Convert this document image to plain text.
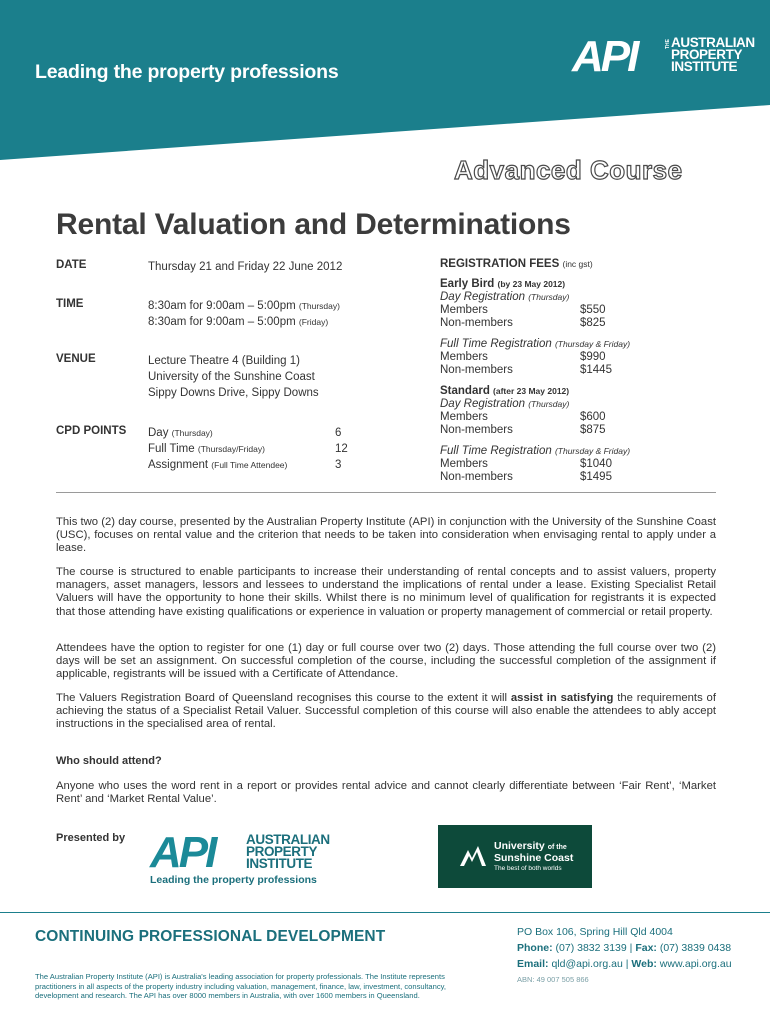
Leading the property professions	API	THE AUSTRALIAN
PROPERTY
INSTITUTE
Advanced Course
Rental Valuation and Determinations
DATE	Thursday 21 and Friday 22 June 2012
TIME	8:30am for 9:00am – 5:00pm (Thursday)
8:30am for 9:00am – 5:00pm (Friday)
VENUE	Lecture Theatre 4 (Building 1)
University of the Sunshine Coast
Sippy Downs Drive, Sippy Downs
CPD POINTS	Day (Thursday)	6
Full Time (Thursday/Friday)	12
Assignment (Full Time Attendee)	3
REGISTRATION FEES (inc gst)
Early Bird (by 23 May 2012)
Day Registration (Thursday)
Members	$550
Non-members	$825
Full Time Registration (Thursday & Friday)
Members	$990
Non-members	$1445
Standard (after 23 May 2012)
Day Registration (Thursday)
Members	$600
Non-members	$875
Full Time Registration (Thursday & Friday)
Members	$1040
Non-members	$1495

This two (2) day course, presented by the Australian Property Institute (API) in conjunction with the University of the Sunshine Coast (USC), focuses on rental value and the criterion that needs to be taken into consideration when envisaging rental to apply under a lease.

The course is structured to enable participants to increase their understanding of rental concepts and to assist valuers, property managers, asset managers, lessors and lessees to understand the implications of rental under a lease. Existing Specialist Retail Valuers will have the opportunity to hone their skills. Whilst there is no minimum level of qualification for registrants it is expected that those attending have existing qualifications or experience in valuation or property management of commercial or retail property.

Attendees have the option to register for one (1) day or full course over two (2) days. Those attending the full course over two (2) days will be set an assignment. On successful completion of the course, including the successful completion of the assignment if applicable, registrants will be issued with a Certificate of Attendance.

The Valuers Registration Board of Queensland recognises this course to the extent it will assist in satisfying the requirements of achieving the status of a Specialist Retail Valuer. Successful completion of this course will also enable the attendees to ably accept instructions in the specialised area of rental.

Who should attend?

Anyone who uses the word rent in a report or provides rental advice and cannot clearly differentiate between ‘Fair Rent’, ‘Market Rent’ and ‘Market Rental Value’.

Presented by API AUSTRALIAN
PROPERTY
INSTITUTE
Leading the property professions
University of the
Sunshine Coast
The best of both worlds
CONTINUING PROFESSIONAL DEVELOPMENT

The Australian Property Institute (API) is Australia's leading association for property professionals. The Institute represents practitioners in all aspects of the property industry including valuation, management, finance, law, investment, consultancy, development and research. The API has over 8000 members in Australia, with over 1600 members in Queensland.

PO Box 106, Spring Hill Qld 4004
Phone: (07) 3832 3139 | Fax: (07) 3839 0438
Email: qld@api.org.au | Web: www.api.org.au
ABN: 49 007 505 866
